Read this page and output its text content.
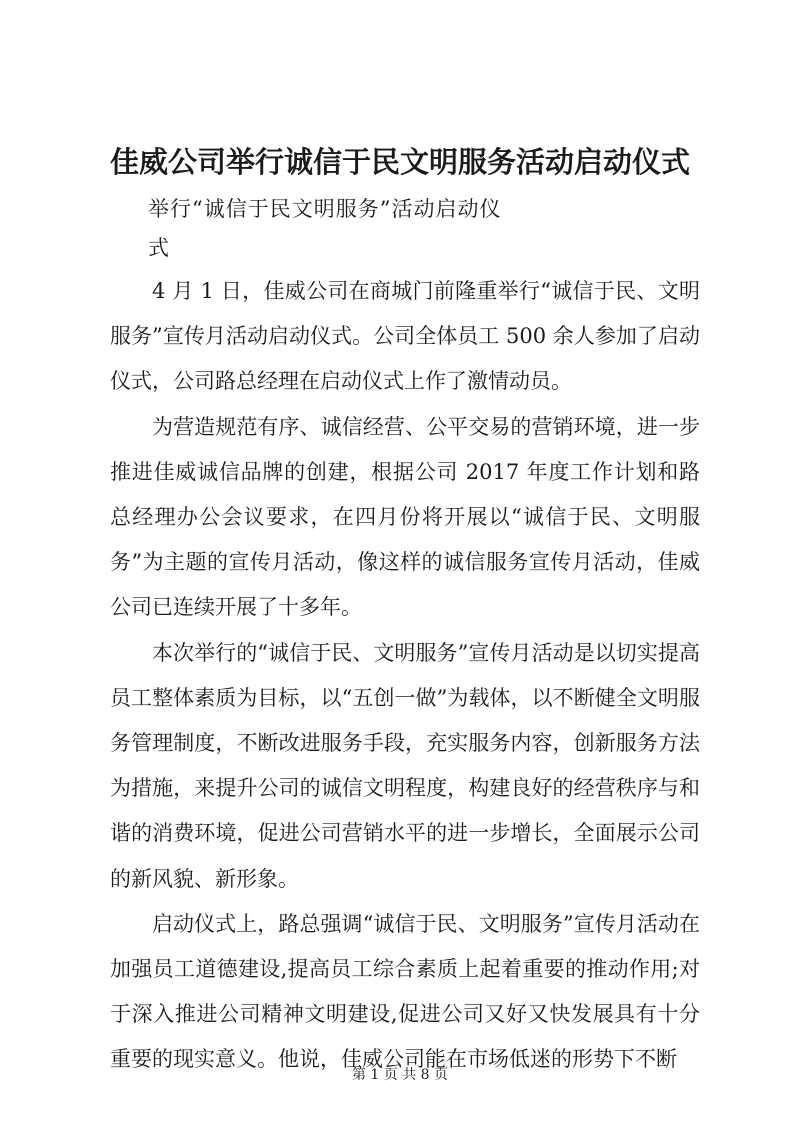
佳威公司举行诚信于民文明服务活动启动仪式
举行“诚信于民文明服务”活动启动仪
式

4 月 1 日，佳威公司在商城门前隆重举行“诚信于民、文明服务”宣传月活动启动仪式。公司全体员工 500 余人参加了启动仪式，公司路总经理在启动仪式上作了激情动员。

为营造规范有序、诚信经营、公平交易的营销环境，进一步推进佳威诚信品牌的创建，根据公司 2017 年度工作计划和路总经理办公会议要求，在四月份将开展以“诚信于民、文明服务”为主题的宣传月活动，像这样的诚信服务宣传月活动，佳威公司已连续开展了十多年。

本次举行的“诚信于民、文明服务”宣传月活动是以切实提高员工整体素质为目标，以“五创一做”为载体，以不断健全文明服务管理制度，不断改进服务手段，充实服务内容，创新服务方法为措施，来提升公司的诚信文明程度，构建良好的经营秩序与和谐的消费环境，促进公司营销水平的进一步增长，全面展示公司的新风貌、新形象。

启动仪式上，路总强调“诚信于民、文明服务”宣传月活动在加强员工道德建设,提高员工综合素质上起着重要的推动作用;对于深入推进公司精神文明建设,促进公司又好又快发展具有十分重要的现实意义。他说，佳威公司能在市场低迷的形势下不断

第 1 页 共 8 页
